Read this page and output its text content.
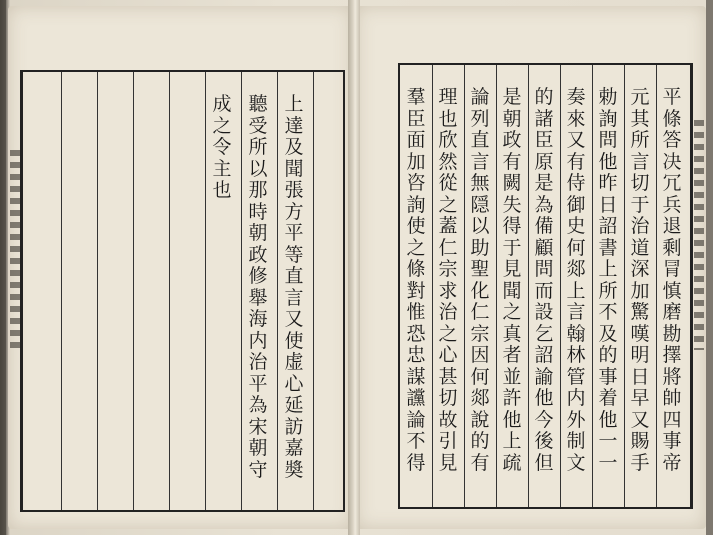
上
達
及
聞
張
方
平
等
直
言
又
使
虚
心
延
訪
嘉
奬
聽
受
所
以
那
時
朝
政
修
舉
海
内
治
平
為
宋
朝
守
成
之
令
主
也
平
條
答
决
冗
兵
退
剩
冐
慎
磨
勘
擇
將
帥
四
事
帝
元
其
所
言
切
于
治
道
深
加
驚
嘆
明
日
早
又
賜
手
勅
詢
問
他
昨
日
詔
書
上
所
不
及
的
事
着
他
一
一
奏
來
又
有
侍
御
史
何
郯
上
言
翰
林
管
内
外
制
文
的
諸
臣
原
是
為
備
顧
問
而
設
乞
詔
諭
他
今
後
但
是
朝
政
有
闕
失
得
于
見
聞
之
真
者
並
許
他
上
疏
論
列
直
言
無
隠
以
助
聖
化
仁
宗
因
何
郯
說
的
有
理
也
欣
然
從
之
蓋
仁
宗
求
治
之
心
甚
切
故
引
見
羣
臣
面
加
咨
詢
使
之
條
對
惟
恐
忠
謀
讜
論
不
得
